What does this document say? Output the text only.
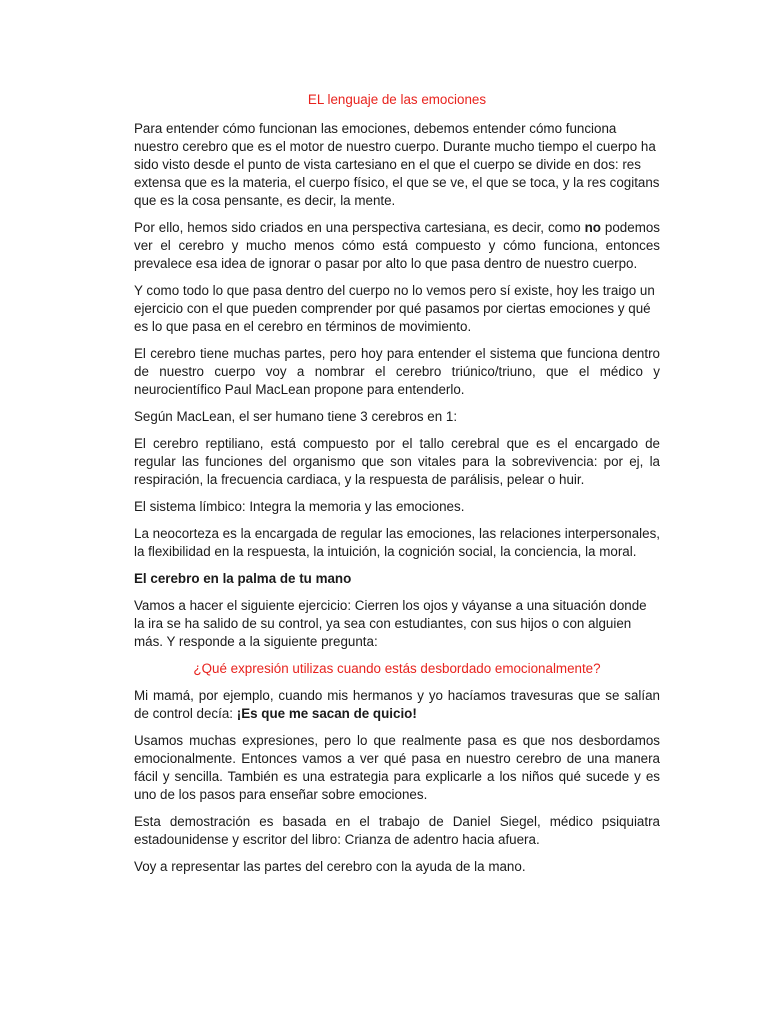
EL lenguaje de las emociones

Para entender cómo funcionan las emociones, debemos entender cómo funciona nuestro cerebro que es el motor de nuestro cuerpo. Durante mucho tiempo el cuerpo ha sido visto desde el punto de vista cartesiano en el que el cuerpo se divide en dos: res extensa que es la materia, el cuerpo físico, el que se ve, el que se toca, y la res cogitans que es la cosa pensante, es decir, la mente.

Por ello, hemos sido criados en una perspectiva cartesiana, es decir, como no podemos ver el cerebro y mucho menos cómo está compuesto y cómo funciona, entonces prevalece esa idea de ignorar o pasar por alto lo que pasa dentro de nuestro cuerpo.

Y como todo lo que pasa dentro del cuerpo no lo vemos pero sí existe, hoy les traigo un ejercicio con el que pueden comprender por qué pasamos por ciertas emociones y qué es lo que pasa en el cerebro en términos de movimiento.

El cerebro tiene muchas partes, pero hoy para entender el sistema que funciona dentro de nuestro cuerpo voy a nombrar el cerebro triúnico/triuno, que el médico y neurocientífico Paul MacLean propone para entenderlo.

Según MacLean, el ser humano tiene 3 cerebros en 1:

El cerebro reptiliano, está compuesto por el tallo cerebral que es el encargado de regular las funciones del organismo que son vitales para la sobrevivencia: por ej, la respiración, la frecuencia cardiaca, y la respuesta de parálisis, pelear o huir.

El sistema límbico: Integra la memoria y las emociones.

La neocorteza es la encargada de regular las emociones, las relaciones interpersonales, la flexibilidad en la respuesta, la intuición, la cognición social, la conciencia, la moral.

El cerebro en la palma de tu mano

Vamos a hacer el siguiente ejercicio: Cierren los ojos y váyanse a una situación donde la ira se ha salido de su control, ya sea con estudiantes, con sus hijos o con alguien más. Y responde a la siguiente pregunta:

¿Qué expresión utilizas cuando estás desbordado emocionalmente?

Mi mamá, por ejemplo, cuando mis hermanos y yo hacíamos travesuras que se salían de control decía: ¡Es que me sacan de quicio!

Usamos muchas expresiones, pero lo que realmente pasa es que nos desbordamos emocionalmente. Entonces vamos a ver qué pasa en nuestro cerebro de una manera fácil y sencilla. También es una estrategia para explicarle a los niños qué sucede y es uno de los pasos para enseñar sobre emociones.

Esta demostración es basada en el trabajo de Daniel Siegel, médico psiquiatra estadounidense y escritor del libro: Crianza de adentro hacia afuera.

Voy a representar las partes del cerebro con la ayuda de la mano.
